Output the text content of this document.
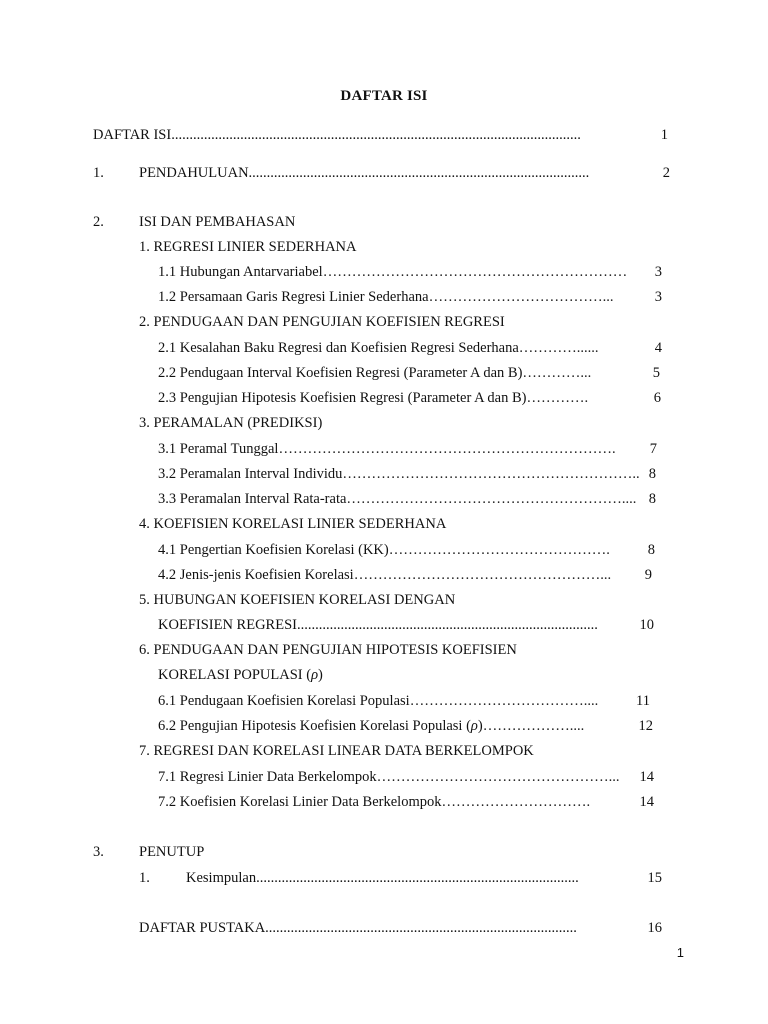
DAFTAR ISI
DAFTAR ISI.................................................................................................................	1
1. PENDAHULUAN..............................................................................................	2
2. ISI DAN PEMBAHASAN
1. REGRESI LINIER SEDERHANA
1.1 Hubungan Antarvariabel………………………………………………………	3
1.2 Persamaan Garis Regresi Linier Sederhana………………………………...	3
2. PENDUGAAN DAN PENGUJIAN KOEFISIEN REGRESI
2.1 Kesalahan Baku Regresi dan Koefisien Regresi Sederhana…………......	4
2.2 Pendugaan Interval Koefisien Regresi (Parameter A dan B)…………...	5
2.3 Pengujian Hipotesis Koefisien Regresi (Parameter A dan B)………….	6
3. PERAMALAN (PREDIKSI)
3.1 Peramal Tunggal…………………………………………………………….	7
3.2 Peramalan Interval Individu…………………………………………………….. 8
3.3 Peramalan Interval Rata-rata………………………………………………….... 8
4. KOEFISIEN KORELASI LINIER SEDERHANA
4.1 Pengertian Koefisien Korelasi (KK)……………………………………….	8
4.2 Jenis-jenis Koefisien Korelasi……………………………………………...	9
5. HUBUNGAN KOEFISIEN KORELASI DENGAN
KOEFISIEN REGRESI...................................................................................	10
6. PENDUGAAN DAN PENGUJIAN HIPOTESIS KOEFISIEN
KORELASI POPULASI (ρ)
6.1 Pendugaan Koefisien Korelasi Populasi………………………………....	11
6.2 Pengujian Hipotesis Koefisien Korelasi Populasi (ρ)………………....	12
7. REGRESI DAN KORELASI LINEAR DATA BERKELOMPOK
7.1 Regresi Linier Data Berkelompok…………………………………………...	14
7.2 Koefisien Korelasi Linier Data Berkelompok………………………….	14
3. PENUTUP
1. Kesimpulan.........................................................................................	15
DAFTAR PUSTAKA......................................................................................	16
1
